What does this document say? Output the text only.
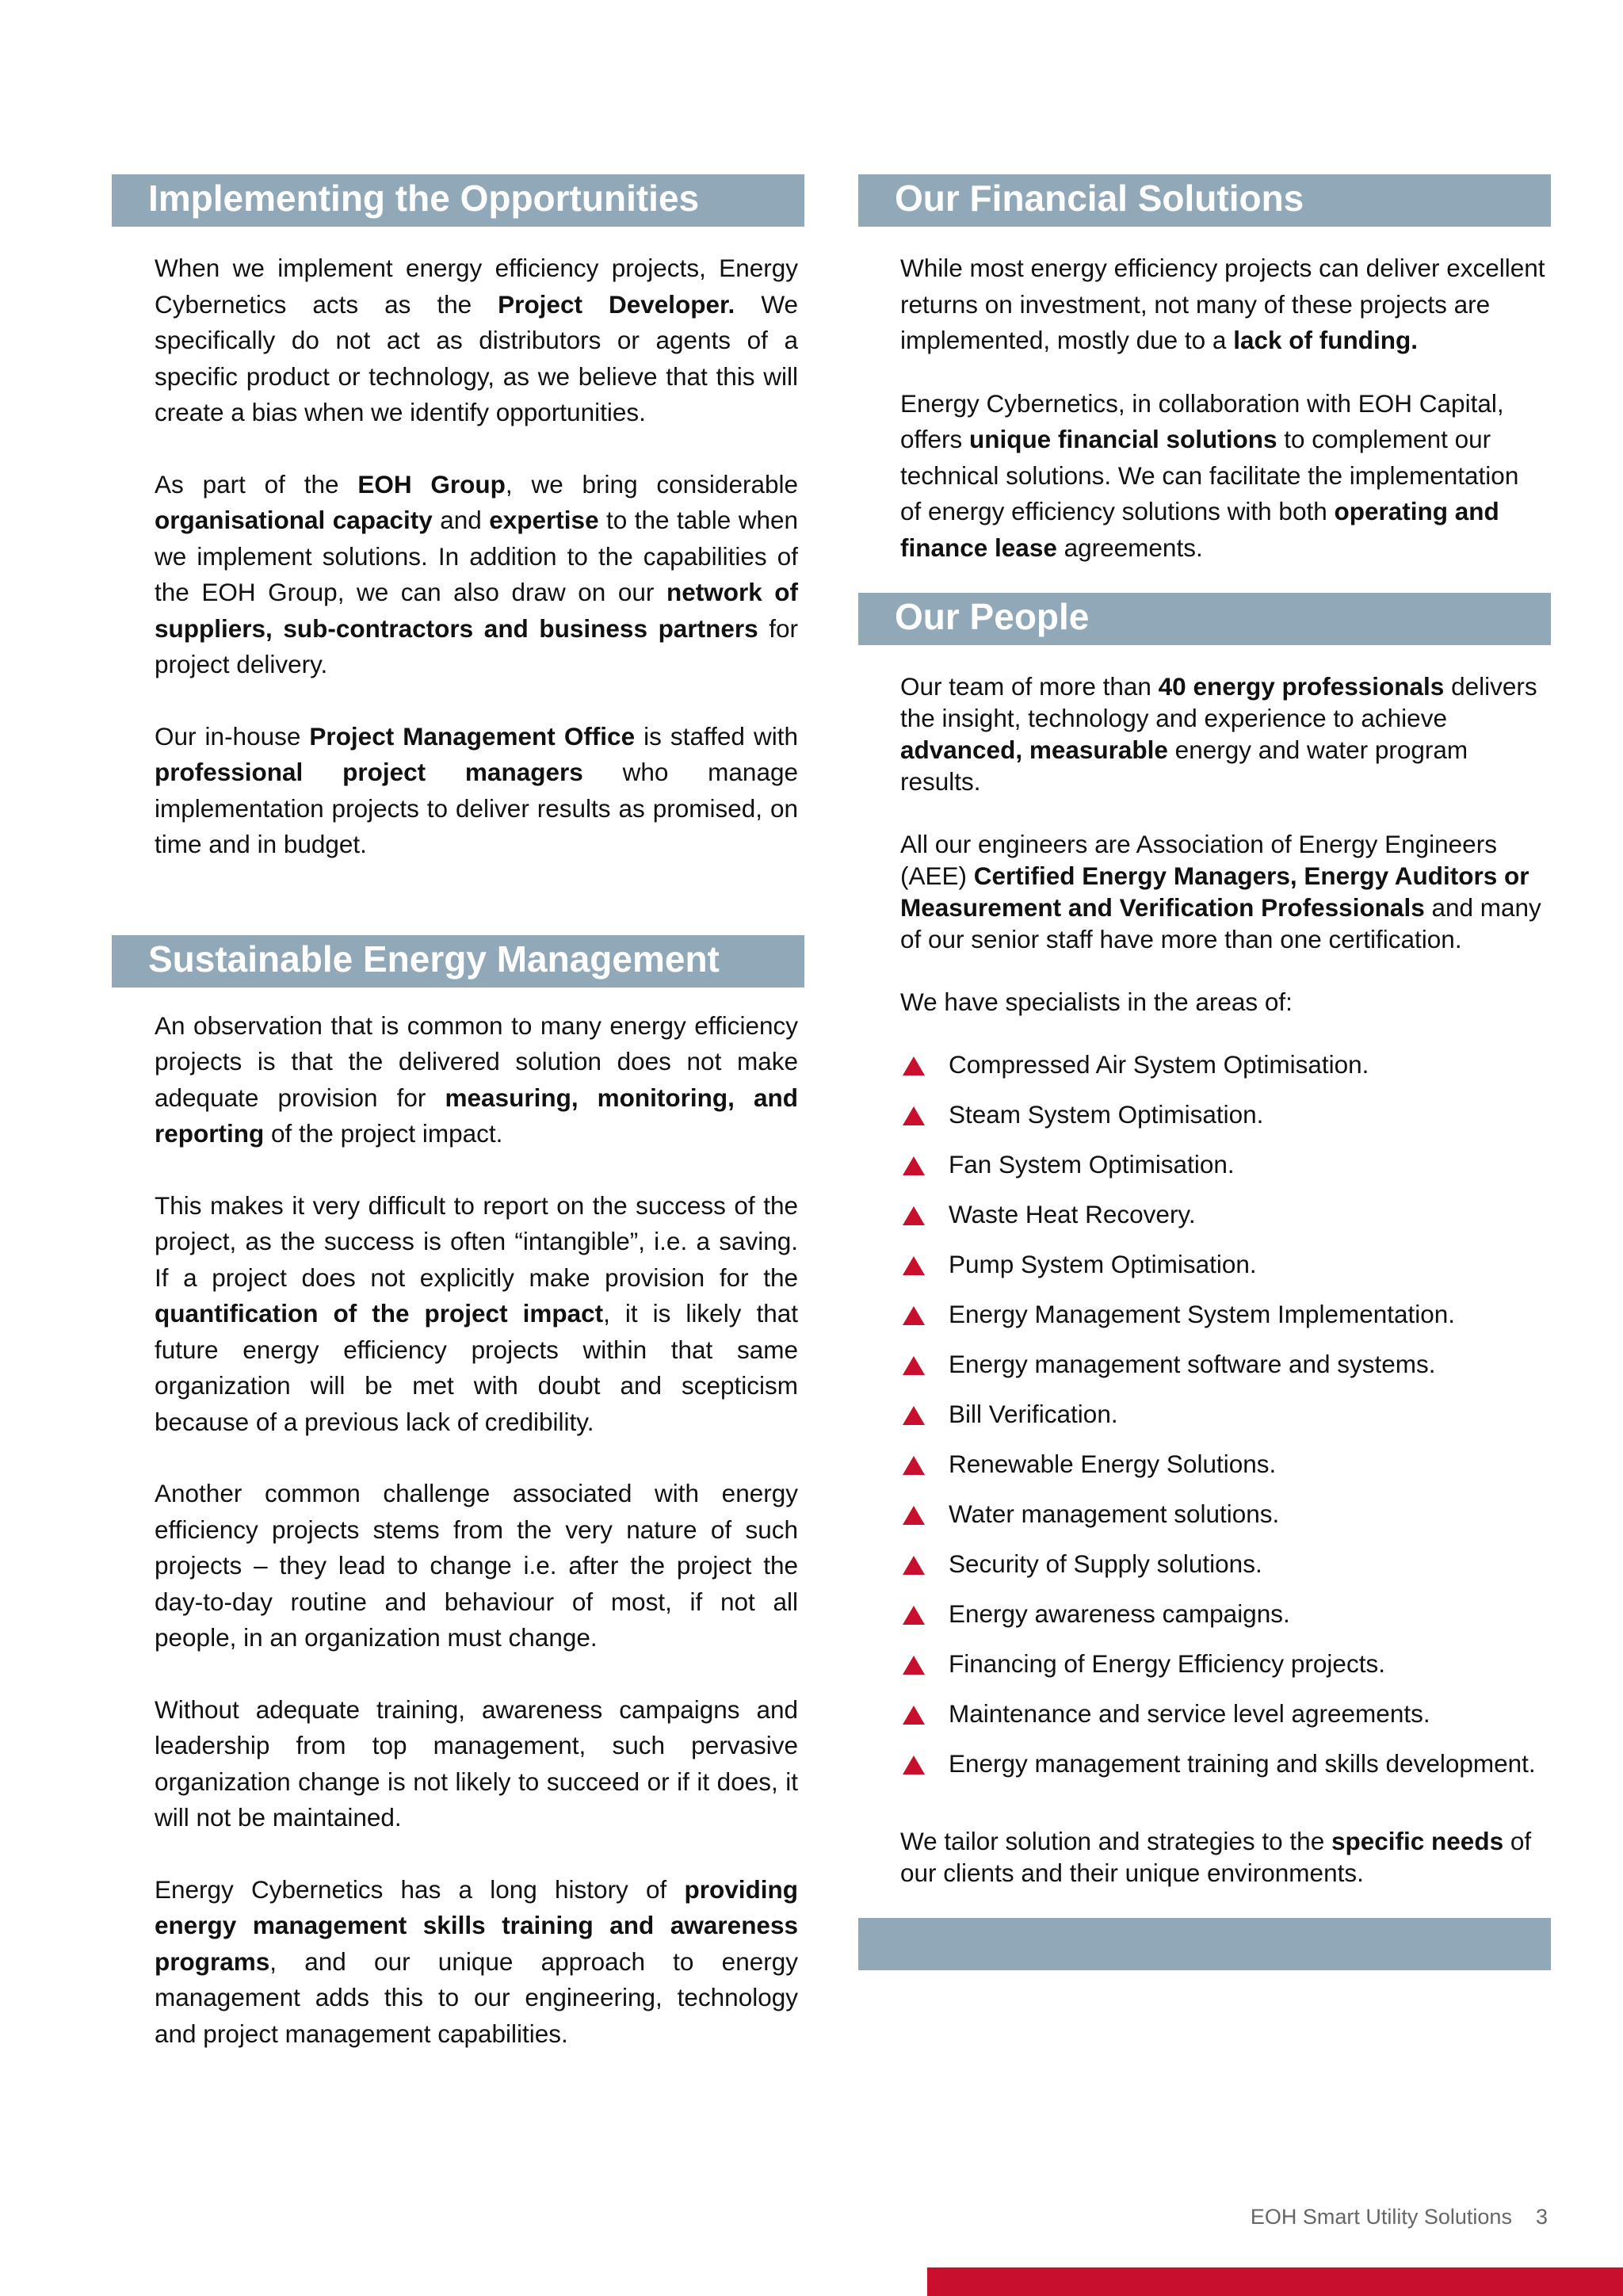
Implementing the Opportunities

When we implement energy efficiency projects, Energy Cybernetics acts as the Project Developer. We specifically do not act as distributors or agents of a specific product or technology, as we believe that this will create a bias when we identify opportunities.

As part of the EOH Group, we bring considerable organisational capacity and expertise to the table when we implement solutions. In addition to the capabilities of the EOH Group, we can also draw on our network of suppliers, sub-contractors and business partners for project delivery.

Our in-house Project Management Office is staffed with professional project managers who manage implementation projects to deliver results as promised, on time and in budget.

Sustainable Energy Management

An observation that is common to many energy efficiency projects is that the delivered solution does not make adequate provision for measuring, monitoring, and reporting of the project impact.

This makes it very difficult to report on the success of the project, as the success is often “intangible”, i.e. a saving. If a project does not explicitly make provision for the quantification of the project impact, it is likely that future energy efficiency projects within that same organization will be met with doubt and scepticism because of a previous lack of credibility.

Another common challenge associated with energy efficiency projects stems from the very nature of such projects – they lead to change i.e. after the project the day-to-day routine and behaviour of most, if not all people, in an organization must change.

Without adequate training, awareness campaigns and leadership from top management, such pervasive organization change is not likely to succeed or if it does, it will not be maintained.

Energy Cybernetics has a long history of providing energy management skills training and awareness programs, and our unique approach to energy management adds this to our engineering, technology and project management capabilities.

Our Financial Solutions

While most energy efficiency projects can deliver excellent returns on investment, not many of these projects are implemented, mostly due to a lack of funding.

Energy Cybernetics, in collaboration with EOH Capital, offers unique financial solutions to complement our technical solutions. We can facilitate the implementation of energy efficiency solutions with both operating and finance lease agreements.

Our People

Our team of more than 40 energy professionals delivers the insight, technology and experience to achieve advanced, measurable energy and water program results.

All our engineers are Association of Energy Engineers (AEE) Certified Energy Managers, Energy Auditors or Measurement and Verification Professionals and many of our senior staff have more than one certification.

We have specialists in the areas of:

Compressed Air System Optimisation.
Steam System Optimisation.
Fan System Optimisation.
Waste Heat Recovery.
Pump System Optimisation.
Energy Management System Implementation.
Energy management software and systems.
Bill Verification.
Renewable Energy Solutions.
Water management solutions.
Security of Supply solutions.
Energy awareness campaigns.
Financing of Energy Efficiency projects.
Maintenance and service level agreements.
Energy management training and skills development.

We tailor solution and strategies to the specific needs of our clients and their unique environments.

EOH Smart Utility Solutions 3
